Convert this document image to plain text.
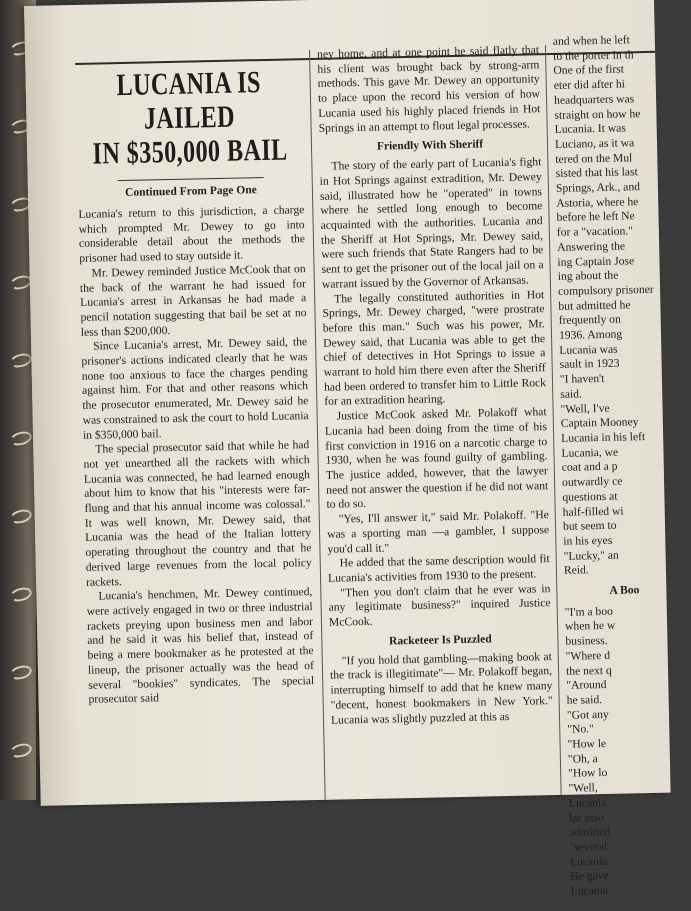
LUCANIA IS JAILED
IN $350,000 BAIL
Continued From Page One

Lucania's return to this jurisdiction, a charge which prompted Mr. Dewey to go into considerable detail about the methods the prisoner had used to stay outside it.

Mr. Dewey reminded Justice McCook that on the back of the warrant he had issued for Lucania's arrest in Arkansas he had made a pencil notation suggesting that bail be set at no less than $200,000.

Since Lucania's arrest, Mr. Dewey said, the prisoner's actions indicated clearly that he was none too anxious to face the charges pending against him. For that and other reasons which the prosecutor enumerated, Mr. Dewey said he was constrained to ask the court to hold Lucania in $350,000 bail.

The special prosecutor said that while he had not yet unearthed all the rackets with which Lucania was connected, he had learned enough about him to know that his "interests were far-flung and that his annual income was colossal." It was well known, Mr. Dewey said, that Lucania was the head of the Italian lottery operating throughout the country and that he derived large revenues from the local policy rackets.

Lucania's henchmen, Mr. Dewey continued, were actively engaged in two or three industrial rackets preying upon business men and labor and he said it was his belief that, instead of being a mere bookmaker as he protested at the lineup, the prisoner actually was the head of several "bookies" syndicates. The special prosecutor said

ney home, and at one point he said flatly that his client was brought back by strong-arm methods. This gave Mr. Dewey an opportunity to place upon the record his version of how Lucania used his highly placed friends in Hot Springs in an attempt to flout legal processes.

Friendly With Sheriff

The story of the early part of Lucania's fight in Hot Springs against extradition, Mr. Dewey said, illustrated how he "operated" in towns where he settled long enough to become acquainted with the authorities. Lucania and the Sheriff at Hot Springs, Mr. Dewey said, were such friends that State Rangers had to be sent to get the prisoner out of the local jail on a warrant issued by the Governor of Arkansas.

The legally constituted authorities in Hot Springs, Mr. Dewey charged, "were prostrate before this man." Such was his power, Mr. Dewey said, that Lucania was able to get the chief of detectives in Hot Springs to issue a warrant to hold him there even after the Sheriff had been ordered to transfer him to Little Rock for an extradition hearing.

Justice McCook asked Mr. Polakoff what Lucania had been doing from the time of his first conviction in 1916 on a narcotic charge to 1930, when he was found guilty of gambling. The justice added, however, that the lawyer need not answer the question if he did not want to do so.

"Yes, I'll answer it," said Mr. Polakoff. "He was a sporting man —a gambler, I suppose you'd call it."

He added that the same description would fit Lucania's activities from 1930 to the present.

"Then you don't claim that he ever was in any legitimate business?" inquired Justice McCook.

Racketeer Is Puzzled

"If you hold that gambling—making book at the track is illegitimate"— Mr. Polakoff began, interrupting himself to add that he knew many "decent, honest bookmakers in New York." Lucania was slightly puzzled at this as

and when he left

to the porter in th

One of the first

eter did after hi

headquarters was

straight on how he

Lucania. It was

Luciano, as it wa

tered on the Mul

sisted that his last

Springs, Ark., and

Astoria, where he

before he left Ne

for a "vacation."

Answering the

ing Captain Jose

ing about the

compulsory prisoner

but admitted he

frequently on

1936. Among

Lucania was

sault in 1923

"I haven't

said.

"Well, I've

Captain Mooney

Lucania in his left

Lucania, we

coat and a p

outwardly ce

questions at

half-filled wi

but seem to

in his eyes

"Lucky," an

Reid.

A Boo

"I'm a boo

when he w

business.

"Where d

the next q

"Around

he said.

"Got any

"No."

"How le

"Oh, a

"How lo

"Well,

Lucania

lar asso

admitted

"several

Lucania

He gave

Lucania
